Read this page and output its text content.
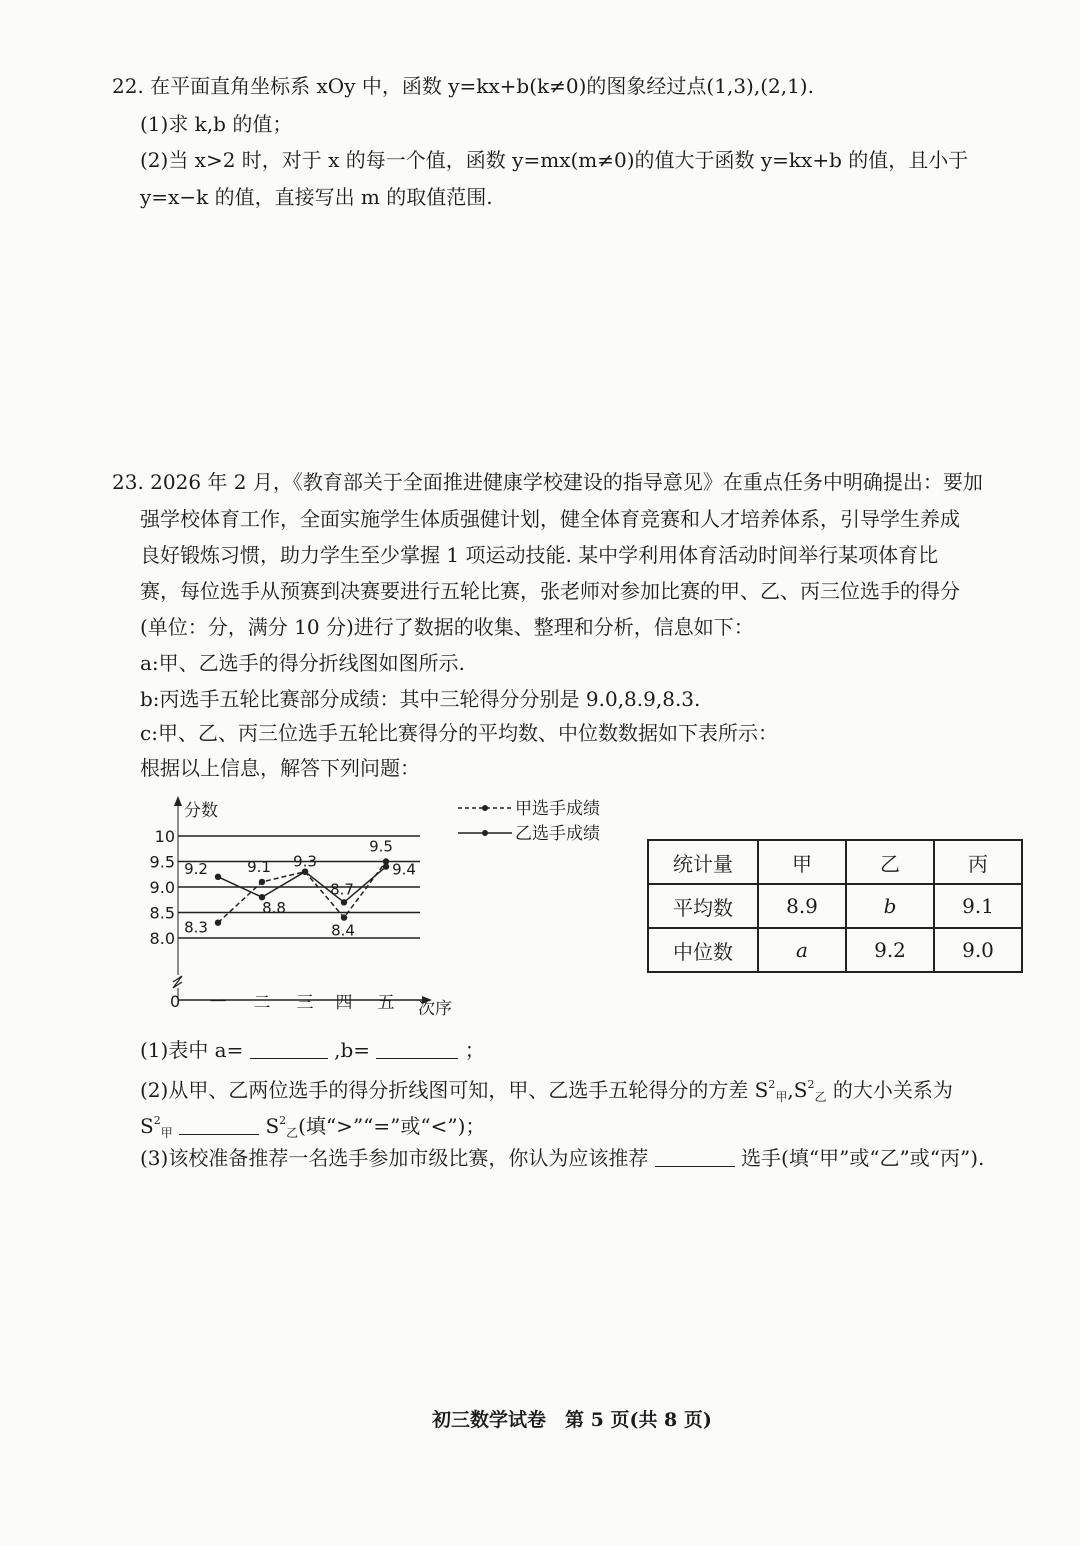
22. 在平面直角坐标系 xOy 中，函数 y=kx+b(k≠0)的图象经过点(1,3),(2,1).
(1)求 k,b 的值；
(2)当 x>2 时，对于 x 的每一个值，函数 y=mx(m≠0)的值大于函数 y=kx+b 的值，且小于
y=x−k 的值，直接写出 m 的取值范围.
23. 2026 年 2 月，《教育部关于全面推进健康学校建设的指导意见》在重点任务中明确提出：要加
强学校体育工作，全面实施学生体质强健计划，健全体育竞赛和人才培养体系，引导学生养成
良好锻炼习惯，助力学生至少掌握 1 项运动技能. 某中学利用体育活动时间举行某项体育比
赛，每位选手从预赛到决赛要进行五轮比赛，张老师对参加比赛的甲、乙、丙三位选手的得分
(单位：分，满分 10 分)进行了数据的收集、整理和分析，信息如下：
a:甲、乙选手的得分折线图如图所示.
b:丙选手五轮比赛部分成绩：其中三轮得分分别是 9.0,8.9,8.3.
c:甲、乙、丙三位选手五轮比赛得分的平均数、中位数数据如下表所示：
根据以上信息，解答下列问题：
10
9.5
9.0
8.5
8.0
分数
次序
0 一 二 三 四 五
8.3
9.1 9.3
8.4
9.5
9.2
8.8
8.7
9.4
甲选手成绩
乙选手成绩
统计量	甲	乙	丙
平均数	8.9	b	9.1
中位数	a	9.2	9.0
(1)表中 a=	,b=	；
(2)从甲、乙两位选手的得分折线图可知，甲、乙选手五轮得分的方差 $S^2_甲,S^2_乙$ 的大小关系为
$S^2_甲$	$S^2_乙$(填“>”“=”或“<”)；
(3)该校准备推荐一名选手参加市级比赛，你认为应该推荐	选手(填“甲”或“乙”或“丙”).
初三数学试卷　第 5 页(共 8 页)
